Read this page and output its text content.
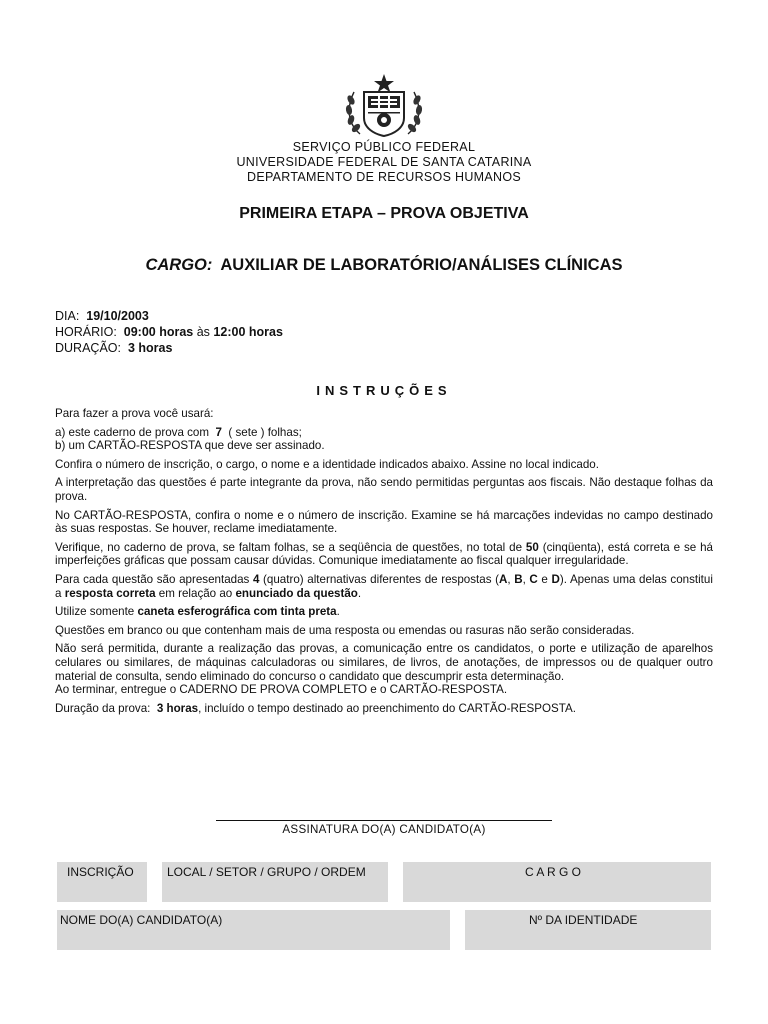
SERVIÇO PÚBLICO FEDERAL
UNIVERSIDADE FEDERAL DE SANTA CATARINA
DEPARTAMENTO DE RECURSOS HUMANOS
PRIMEIRA ETAPA – PROVA OBJETIVA
CARGO: AUXILIAR DE LABORATÓRIO/ANÁLISES CLÍNICAS
DIA: 19/10/2003
HORÁRIO: 09:00 horas às 12:00 horas
DURAÇÃO: 3 horas
INSTRUÇÕES

Para fazer a prova você usará:

a) este caderno de prova com 7 ( sete ) folhas;

b) um CARTÃO-RESPOSTA que deve ser assinado.

Confira o número de inscrição, o cargo, o nome e a identidade indicados abaixo. Assine no local indicado.

A interpretação das questões é parte integrante da prova, não sendo permitidas perguntas aos fiscais. Não destaque folhas da prova.

No CARTÃO-RESPOSTA, confira o nome e o número de inscrição. Examine se há marcações indevidas no campo destinado às suas respostas. Se houver, reclame imediatamente.

Verifique, no caderno de prova, se faltam folhas, se a seqüência de questões, no total de 50 (cinqüenta), está correta e se há imperfeições gráficas que possam causar dúvidas. Comunique imediatamente ao fiscal qualquer irregularidade.

Para cada questão são apresentadas 4 (quatro) alternativas diferentes de respostas (A, B, C e D). Apenas uma delas constitui a resposta correta em relação ao enunciado da questão.

Utilize somente caneta esferográfica com tinta preta.

Questões em branco ou que contenham mais de uma resposta ou emendas ou rasuras não serão consideradas.

Não será permitida, durante a realização das provas, a comunicação entre os candidatos, o porte e utilização de aparelhos celulares ou similares, de máquinas calculadoras ou similares, de livros, de anotações, de impressos ou de qualquer outro material de consulta, sendo eliminado do concurso o candidato que descumprir esta determinação.

Ao terminar, entregue o CADERNO DE PROVA COMPLETO e o CARTÃO-RESPOSTA.

Duração da prova: 3 horas, incluído o tempo destinado ao preenchimento do CARTÃO-RESPOSTA.

ASSINATURA DO(A) CANDIDATO(A)
INSCRIÇÃO	LOCAL / SETOR / GRUPO / ORDEM	C A R G O
NOME DO(A) CANDIDATO(A)	Nº DA IDENTIDADE
